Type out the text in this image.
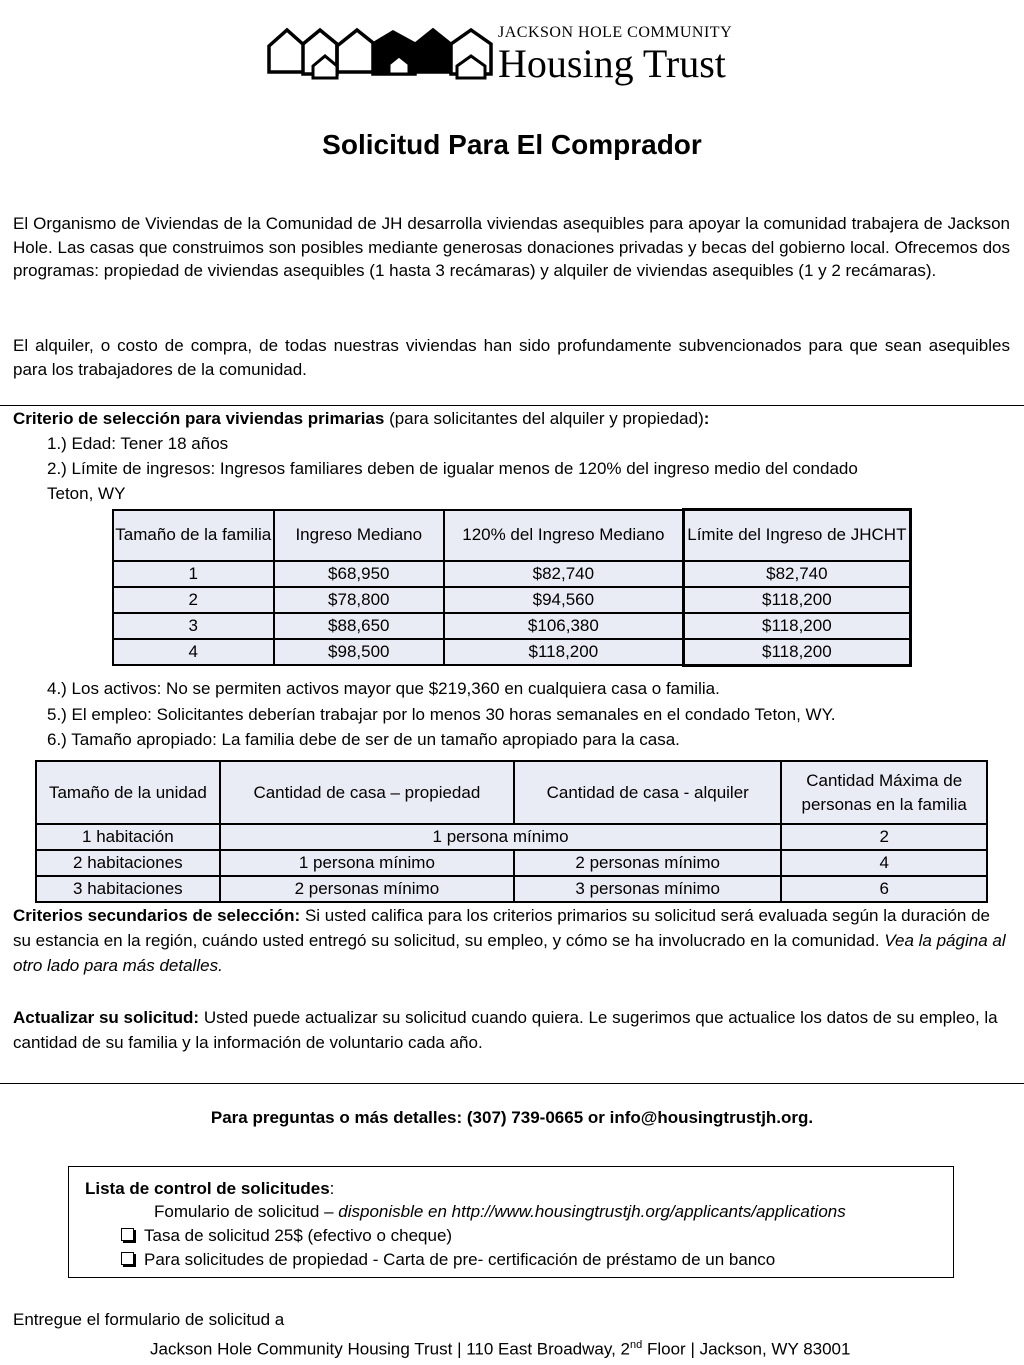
JACKSON HOLE COMMUNITY
Housing Trust
Solicitud Para El Comprador
El Organismo de Viviendas de la Comunidad de JH desarrolla viviendas asequibles para apoyar la comunidad trabajera de Jackson Hole. Las casas que construimos son posibles mediante generosas donaciones privadas y becas del gobierno local. Ofrecemos dos programas: propiedad de viviendas asequibles (1 hasta 3 recámaras) y alquiler de viviendas asequibles (1 y 2 recámaras).
El alquiler, o costo de compra, de todas nuestras viviendas han sido profundamente subvencionados para que sean asequibles para los trabajadores de la comunidad.
Criterio de selección para viviendas primarias (para solicitantes del alquiler y propiedad):
1.) Edad: Tener 18 años
2.) Límite de ingresos: Ingresos familiares deben de igualar menos de 120% del ingreso medio del condado
Teton, WY
Tamaño de la familia	Ingreso Mediano	120% del Ingreso Mediano	Límite del Ingreso de JHCHT
1	$68,950	$82,740	$82,740
2	$78,800	$94,560	$118,200
3	$88,650	$106,380	$118,200
4	$98,500	$118,200	$118,200
4.) Los activos: No se permiten activos mayor que $219,360 en cualquiera casa o familia.
5.) El empleo: Solicitantes deberían trabajar por lo menos 30 horas semanales en el condado Teton, WY.
6.) Tamaño apropiado: La familia debe de ser de un tamaño apropiado para la casa.
Tamaño de la unidad	Cantidad de casa – propiedad	Cantidad de casa - alquiler	Cantidad Máxima de personas en la familia
1 habitación	1 persona mínimo		2
2 habitaciones	1 persona mínimo	2 personas mínimo	4
3 habitaciones	2 personas mínimo	3 personas mínimo	6
Criterios secundarios de selección: Si usted califica para los criterios primarios su solicitud será evaluada según la duración de su estancia en la región, cuándo usted entregó su solicitud, su empleo, y cómo se ha involucrado en la comunidad. Vea la página al otro lado para más detalles.
Actualizar su solicitud: Usted puede actualizar su solicitud cuando quiera. Le sugerimos que actualice los datos de su empleo, la cantidad de su familia y la información de voluntario cada año.
Para preguntas o más detalles: (307) 739-0665 or info@housingtrustjh.org.
Lista de control de solicitudes:
Fomulario de solicitud – disponisble en http://www.housingtrustjh.org/applicants/applications
Tasa de solicitud 25$ (efectivo o cheque)
Para solicitudes de propiedad - Carta de pre- certificación de préstamo de un banco
Entregue el formulario de solicitud a
Jackson Hole Community Housing Trust | 110 East Broadway, 2nd Floor | Jackson, WY 83001
